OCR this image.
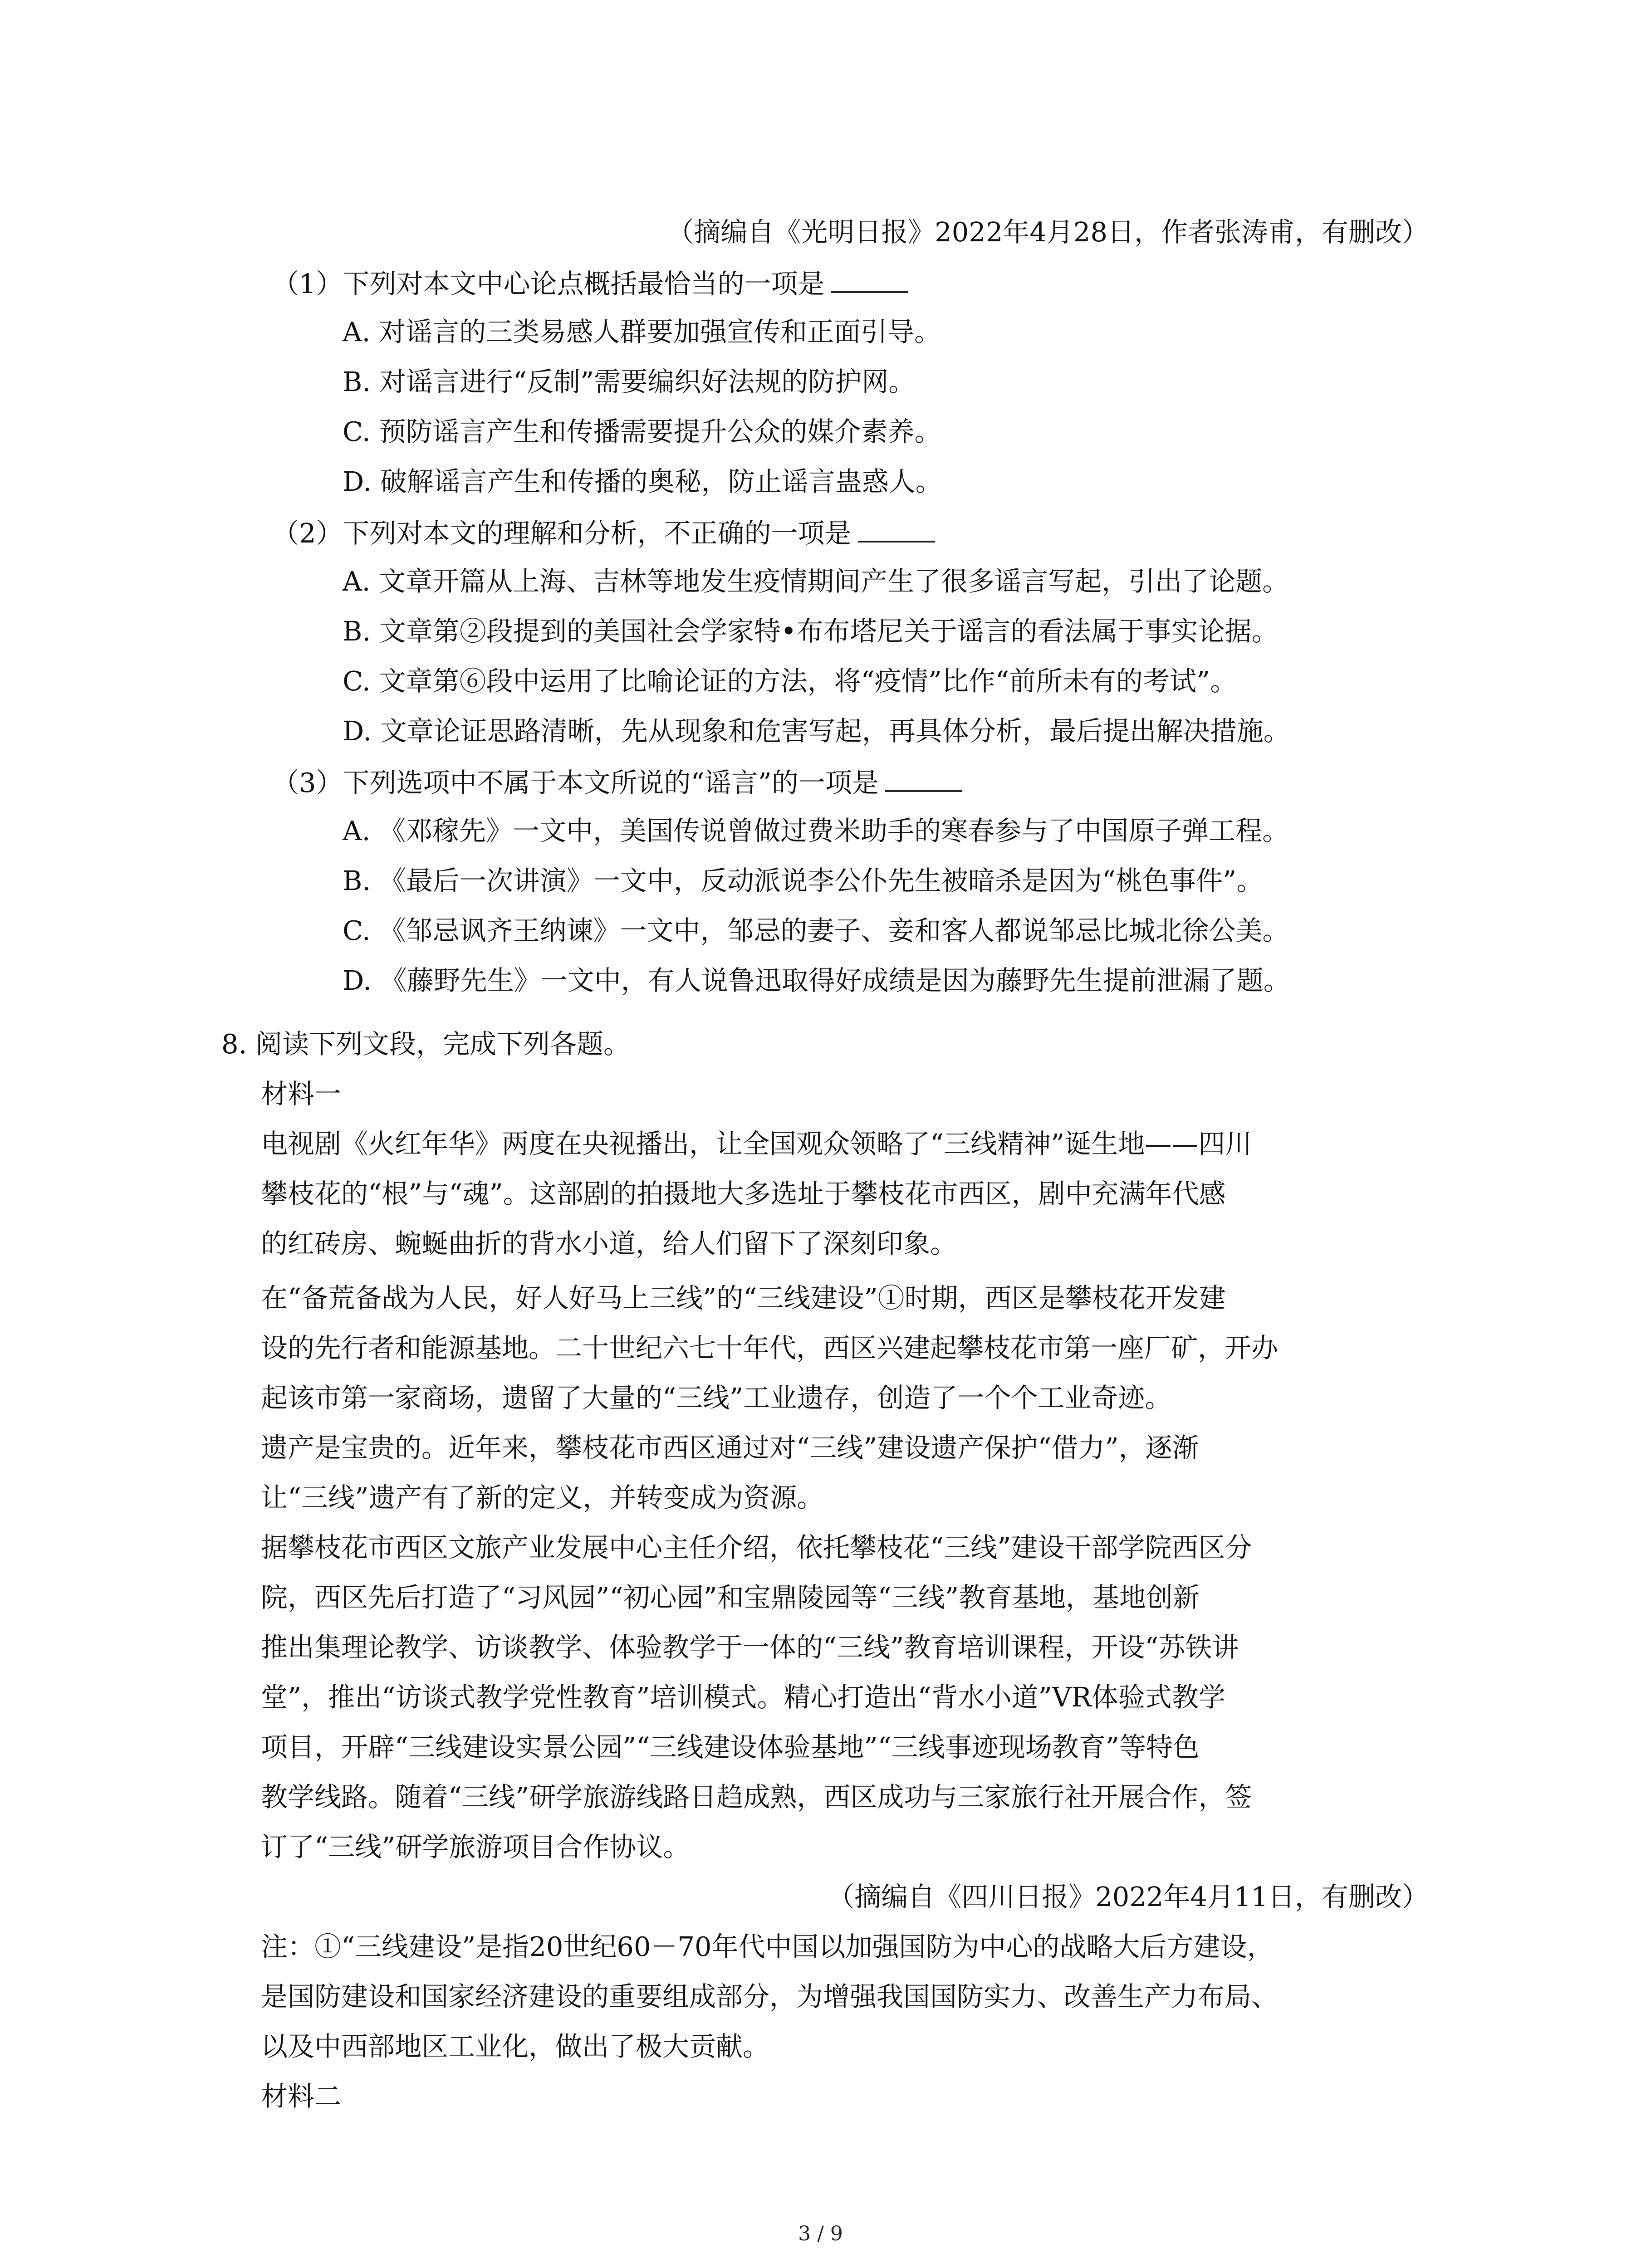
（摘编自《光明日报》2022年4月28日，作者张涛甫，有删改）
（1）下列对本文中心论点概括最恰当的一项是
A. 对谣言的三类易感人群要加强宣传和正面引导。
B. 对谣言进行“反制”需要编织好法规的防护网。
C. 预防谣言产生和传播需要提升公众的媒介素养。
D. 破解谣言产生和传播的奥秘，防止谣言蛊惑人。
（2）下列对本文的理解和分析，不正确的一项是
A. 文章开篇从上海、吉林等地发生疫情期间产生了很多谣言写起，引出了论题。
B. 文章第②段提到的美国社会学家特•布布塔尼关于谣言的看法属于事实论据。
C. 文章第⑥段中运用了比喻论证的方法，将“疫情”比作“前所未有的考试”。
D. 文章论证思路清晰，先从现象和危害写起，再具体分析，最后提出解决措施。
（3）下列选项中不属于本文所说的“谣言”的一项是
A. 《邓稼先》一文中，美国传说曾做过费米助手的寒春参与了中国原子弹工程。
B. 《最后一次讲演》一文中，反动派说李公仆先生被暗杀是因为“桃色事件”。
C. 《邹忌讽齐王纳谏》一文中，邹忌的妻子、妾和客人都说邹忌比城北徐公美。
D. 《藤野先生》一文中，有人说鲁迅取得好成绩是因为藤野先生提前泄漏了题。
8. 阅读下列文段，完成下列各题。
材料一
电视剧《火红年华》两度在央视播出，让全国观众领略了“三线精神”诞生地——四川
攀枝花的“根”与“魂”。这部剧的拍摄地大多选址于攀枝花市西区，剧中充满年代感
的红砖房、蜿蜒曲折的背水小道，给人们留下了深刻印象。
在“备荒备战为人民，好人好马上三线”的“三线建设”①时期，西区是攀枝花开发建
设的先行者和能源基地。二十世纪六七十年代，西区兴建起攀枝花市第一座厂矿，开办
起该市第一家商场，遗留了大量的“三线”工业遗存，创造了一个个工业奇迹。
遗产是宝贵的。近年来，攀枝花市西区通过对“三线”建设遗产保护“借力”，逐渐
让“三线”遗产有了新的定义，并转变成为资源。
据攀枝花市西区文旅产业发展中心主任介绍，依托攀枝花“三线”建设干部学院西区分
院，西区先后打造了“习风园”“初心园”和宝鼎陵园等“三线”教育基地，基地创新
推出集理论教学、访谈教学、体验教学于一体的“三线”教育培训课程，开设“苏铁讲
堂”，推出“访谈式教学党性教育”培训模式。精心打造出“背水小道”VR体验式教学
项目，开辟“三线建设实景公园”“三线建设体验基地”“三线事迹现场教育”等特色
教学线路。随着“三线”研学旅游线路日趋成熟，西区成功与三家旅行社开展合作，签
订了“三线”研学旅游项目合作协议。
（摘编自《四川日报》2022年4月11日，有删改）
注：①“三线建设”是指20世纪60－70年代中国以加强国防为中心的战略大后方建设，
是国防建设和国家经济建设的重要组成部分，为增强我国国防实力、改善生产力布局、
以及中西部地区工业化，做出了极大贡献。
材料二
3 / 9
